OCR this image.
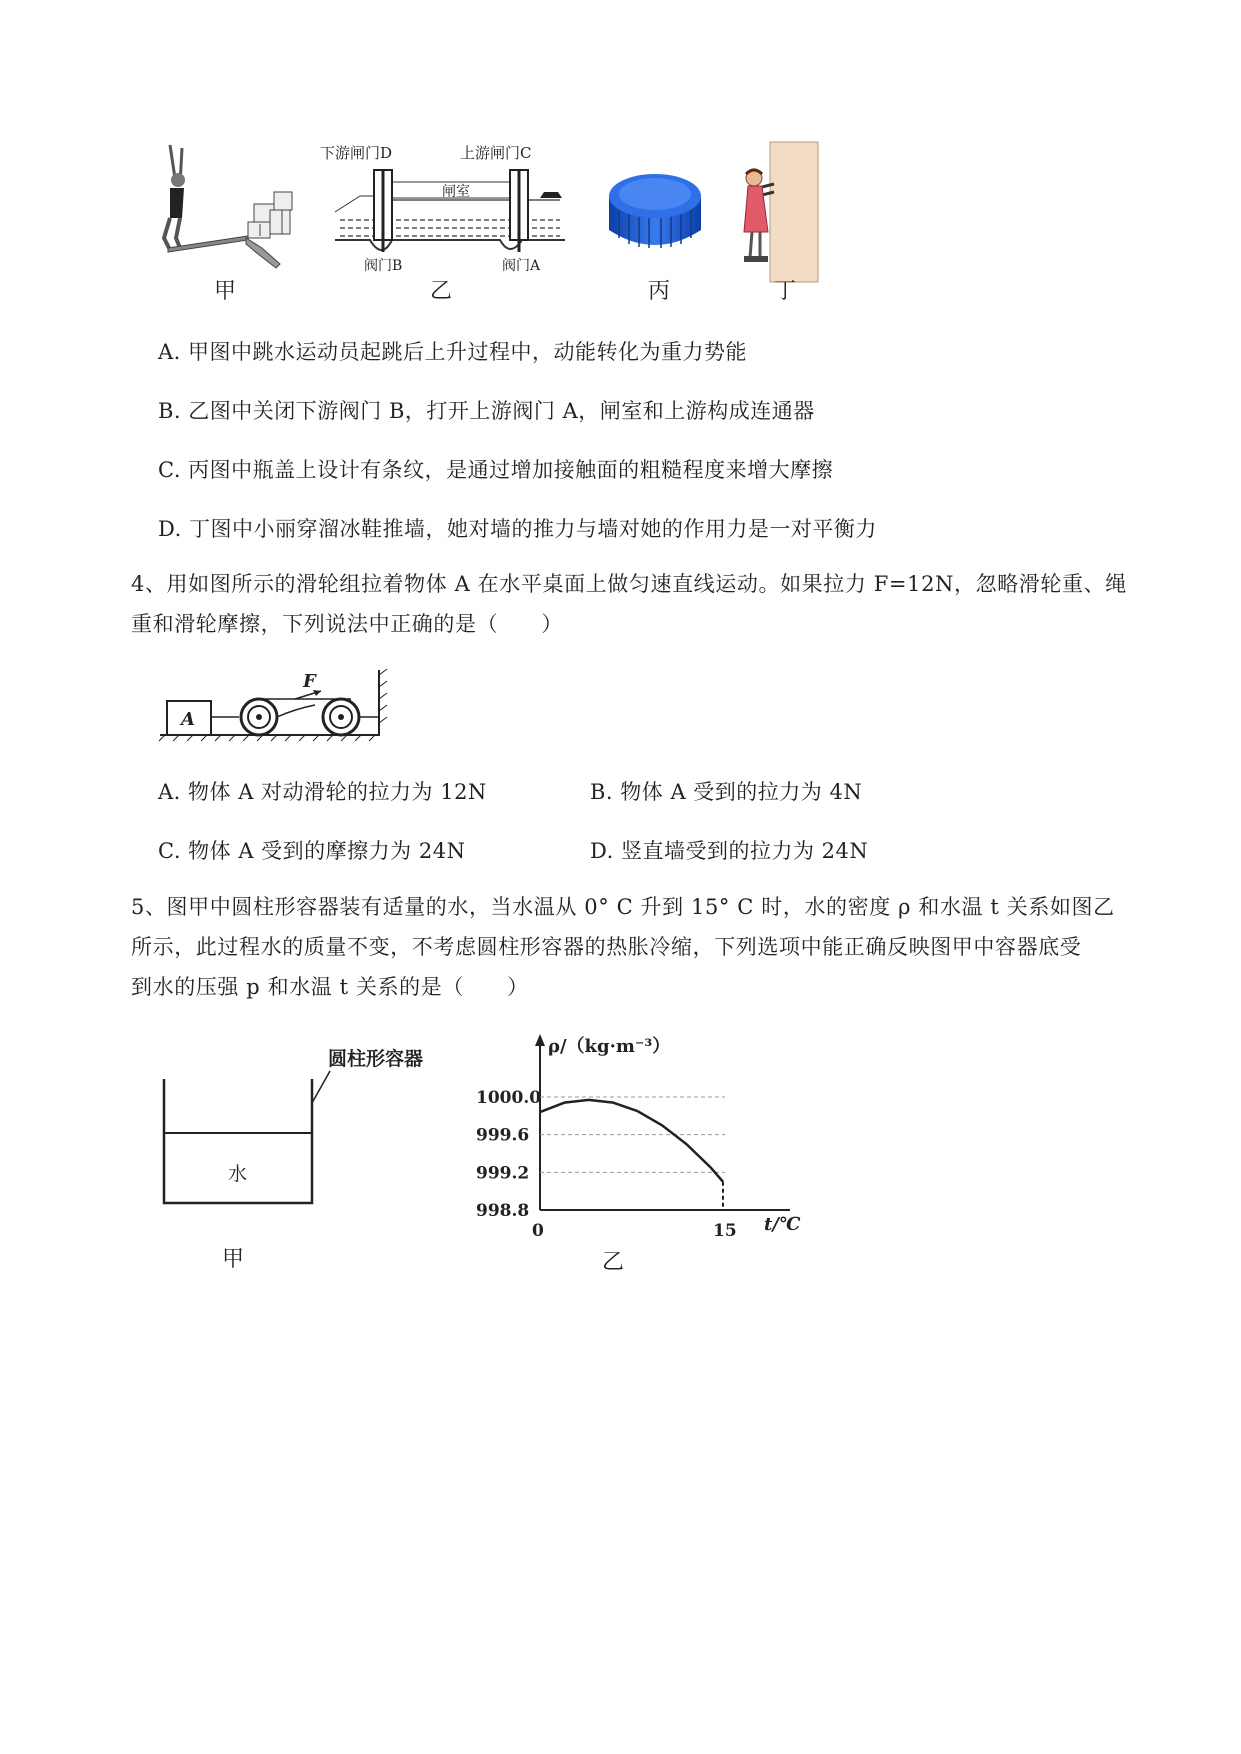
甲
下游闸门D	上游闸门C
闸室
阀门B	阀门A
乙	丙	丁
A. 甲图中跳水运动员起跳后上升过程中，动能转化为重力势能
B. 乙图中关闭下游阀门 B，打开上游阀门 A，闸室和上游构成连通器
C. 丙图中瓶盖上设计有条纹，是通过增加接触面的粗糙程度来增大摩擦
D. 丁图中小丽穿溜冰鞋推墙，她对墙的推力与墙对她的作用力是一对平衡力
4、用如图所示的滑轮组拉着物体 A 在水平桌面上做匀速直线运动。如果拉力 F=12N，忽略滑轮重、绳
重和滑轮摩擦，下列说法中正确的是（　　）
A
F
A. 物体 A 对动滑轮的拉力为 12N	B. 物体 A 受到的拉力为 4N
C. 物体 A 受到的摩擦力为 24N	D. 竖直墙受到的拉力为 24N
5、图甲中圆柱形容器装有适量的水，当水温从 0° C 升到 15° C 时，水的密度 ρ 和水温 t 关系如图乙
所示，此过程水的质量不变，不考虑圆柱形容器的热胀冷缩，下列选项中能正确反映图甲中容器底受
到水的压强 p 和水温 t 关系的是（　　）
圆柱形容器
水
甲
ρ/（kg·m⁻³）
t/℃
1000.0
999.6
999.2
998.8
0	15
乙
